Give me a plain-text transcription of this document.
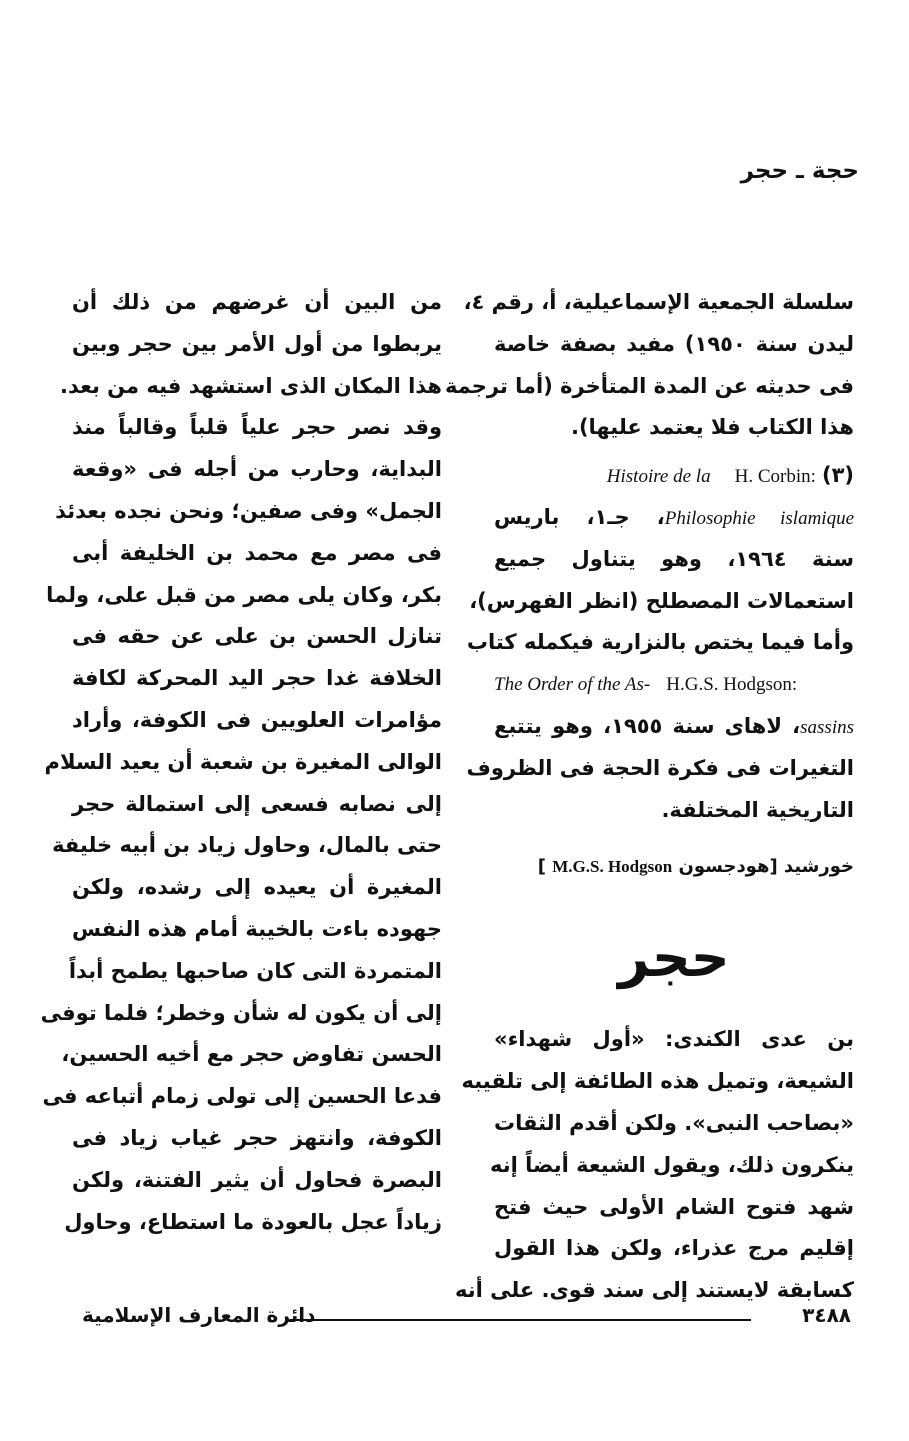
حجة ـ حجر
سلسلة الجمعية الإسماعيلية، أ، رقم ٤،
ليدن سنة ١٩٥٠) مفيد بصفة خاصة
فى حديثه عن المدة المتأخرة (أما ترجمة
هذا الكتاب فلا يعتمد عليها).
(٣) Histoire de la H. Corbin:
Philosophie islamique، جـ١، باريس
سنة ١٩٦٤، وهو يتناول جميع
استعمالات المصطلح (انظر الفهرس)،
وأما فيما يختص بالنزارية فيكمله كتاب
The Order of the As- H.G.S. Hodgson:
sassins، لاهاى سنة ١٩٥٥، وهو يتتبع
التغيرات فى فكرة الحجة فى الظروف
التاريخية المختلفة.
خورشيد [هودجسون M.G.S. Hodgson ]
حجر
بن عدى الكندى: «أول شهداء»
الشيعة، وتميل هذه الطائفة إلى تلقيبه
«بصاحب النبى». ولكن أقدم الثقات
ينكرون ذلك، ويقول الشيعة أيضاً إنه
شهد فتوح الشام الأولى حيث فتح
إقليم مرج عذراء، ولكن هذا القول
كسابقة لايستند إلى سند قوى. على أنه
من البين أن غرضهم من ذلك أن
يربطوا من أول الأمر بين حجر وبين
هذا المكان الذى استشهد فيه من بعد.
وقد نصر حجر علياً قلباً وقالباً منذ
البداية، وحارب من أجله فى «وقعة
الجمل» وفى صفين؛ ونحن نجده بعدئذ
فى مصر مع محمد بن الخليفة أبى
بكر، وكان يلى مصر من قبل على، ولما
تنازل الحسن بن على عن حقه فى
الخلافة غدا حجر اليد المحركة لكافة
مؤامرات العلويين فى الكوفة، وأراد
الوالى المغيرة بن شعبة أن يعيد السلام
إلى نصابه فسعى إلى استمالة حجر
حتى بالمال، وحاول زياد بن أبيه خليفة
المغيرة أن يعيده إلى رشده، ولكن
جهوده باءت بالخيبة أمام هذه النفس
المتمردة التى كان صاحبها يطمح أبداً
إلى أن يكون له شأن وخطر؛ فلما توفى
الحسن تفاوض حجر مع أخيه الحسين،
فدعا الحسين إلى تولى زمام أتباعه فى
الكوفة، وانتهز حجر غياب زياد فى
البصرة فحاول أن يثير الفتنة، ولكن
زياداً عجل بالعودة ما استطاع، وحاول
٣٤٨٨
دائرة المعارف الإسلامية
